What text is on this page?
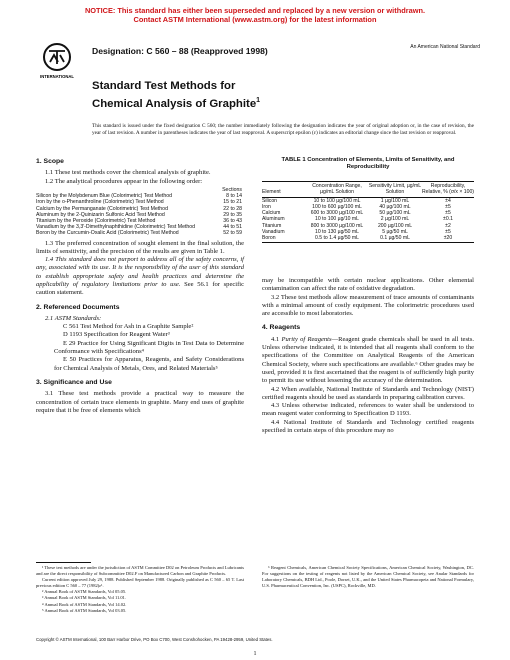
NOTICE: This standard has either been superseded and replaced by a new version or withdrawn.
Contact ASTM International (www.astm.org) for the latest information
INTERNATIONAL
Designation: C 560 – 88 (Reapproved 1998)	An American National Standard
Standard Test Methods for
Chemical Analysis of Graphite$^1$
This standard is issued under the fixed designation C 560; the number immediately following the designation indicates the year of original adoption or, in the case of revision, the year of last revision. A number in parentheses indicates the year of last reapproval. A superscript epsilon (ε) indicates an editorial change since the last revision or reapproval.

1. Scope

1.1 These test methods cover the chemical analysis of graphite.

1.2 The analytical procedures appear in the following order:

	Sections
Silicon by the Molybdenum Blue (Colorimetric) Test Method	8 to 14
Iron by the o-Phenanthroline (Colorimetric) Test Method	15 to 21
Calcium by the Permanganate (Colorimetric) Test Method	22 to 28
Aluminum by the 2-Quinizarin Sulfonic Acid Test Method	29 to 35
Titanium by the Peroxide (Colorimetric) Test Method	36 to 43
Vanadium by the 3,3′-Dimethylnaphthidine (Colorimetric) Test Method	44 to 51
Boron by the Curcumin-Oxalic Acid (Colorimetric) Test Method	52 to 59

1.3 The preferred concentration of sought element in the final solution, the limits of sensitivity, and the precision of the results are given in Table 1.

1.4 This standard does not purport to address all of the safety concerns, if any, associated with its use. It is the responsibility of the user of this standard to establish appropriate safety and health practices and determine the applicability of regulatory limitations prior to use. See 56.1 for specific caution statement.

2. Referenced Documents

2.1 ASTM Standards:

C 561 Test Method for Ash in a Graphite Sample²

D 1193 Specification for Reagent Water³

E 29 Practice for Using Significant Digits in Test Data to Determine Conformance with Specifications⁴

E 50 Practices for Apparatus, Reagents, and Safety Considerations for Chemical Analysis of Metals, Ores, and Related Materials⁵

3. Significance and Use

3.1 These test methods provide a practical way to measure the concentration of certain trace elements in graphite. Many end uses of graphite require that it be free of elements which

TABLE 1 Concentration of Elements, Limits of Sensitivity, and Reproducibility
Element	Concentration Range, µg/mL Solution	Sensitivity Limit, µg/mL Solution	Reproducibility, Relative, % (σ/x × 100)
Silicon	10 to 100 µg/100 mL	1 µg/100 mL	±4
Iron	100 to 600 µg/100 mL	40 µg/100 mL	±5
Calcium	600 to 3000 µg/100 mL	50 µg/100 mL	±5
Aluminum	10 to 100 µg/10 mL	2 µg/100 mL	±0.1
Titanium	800 to 3000 µg/100 mL	200 µg/100 mL	±2
Vanadium	10 to 130 µg/50 mL	5 µg/50 mL	±5
Boron	0.5 to 1.4 µg/50 mL	0.1 µg/50 mL	±20

may be incompatible with certain nuclear applications. Other elemental contamination can affect the rate of oxidative degradation.

3.2 These test methods allow measurement of trace amounts of contaminants with a minimal amount of costly equipment. The colorimetric procedures used are accessible to most laboratories.

4. Reagents

4.1 Purity of Reagents—Reagent grade chemicals shall be used in all tests. Unless otherwise indicated, it is intended that all reagents shall conform to the specifications of the Committee on Analytical Reagents of the American Chemical Society, where such specifications are available.⁶ Other grades may be used, provided it is first ascertained that the reagent is of sufficiently high purity to permit its use without lessening the accuracy of the determination.

4.2 When available, National Institute of Standards and Technology (NIST) certified reagents should be used as standards in preparing calibration curves.

4.3 Unless otherwise indicated, references to water shall be understood to mean reagent water conforming to Specification D 1193.

4.4 National Institute of Standards and Technology certified reagents specified in certain steps of this procedure may no

¹ These test methods are under the jurisdiction of ASTM Committee D02 on Petroleum Products and Lubricants and are the direct responsibility of Subcommittee D02.F on Manufactured Carbon and Graphite Products.

Current edition approved July 29, 1988. Published September 1988. Originally published as C 560 – 65 T. Last previous edition C 560 – 77 (1982)ε¹.

² Annual Book of ASTM Standards, Vol 05.05.

³ Annual Book of ASTM Standards, Vol 11.01.

⁴ Annual Book of ASTM Standards, Vol 14.02.

⁵ Annual Book of ASTM Standards, Vol 03.05.

⁶ Reagent Chemicals, American Chemical Society Specifications, American Chemical Society, Washington, DC. For suggestions on the testing of reagents not listed by the American Chemical Society, see Analar Standards for Laboratory Chemicals, BDH Ltd., Poole, Dorset, U.K., and the United States Pharmacopeia and National Formulary, U.S. Pharmaceutical Convention, Inc. (USPC), Rockville, MD.

Copyright © ASTM International, 100 Barr Harbor Drive, PO Box C700, West Conshohocken, PA 19428-2959, United States.
1
